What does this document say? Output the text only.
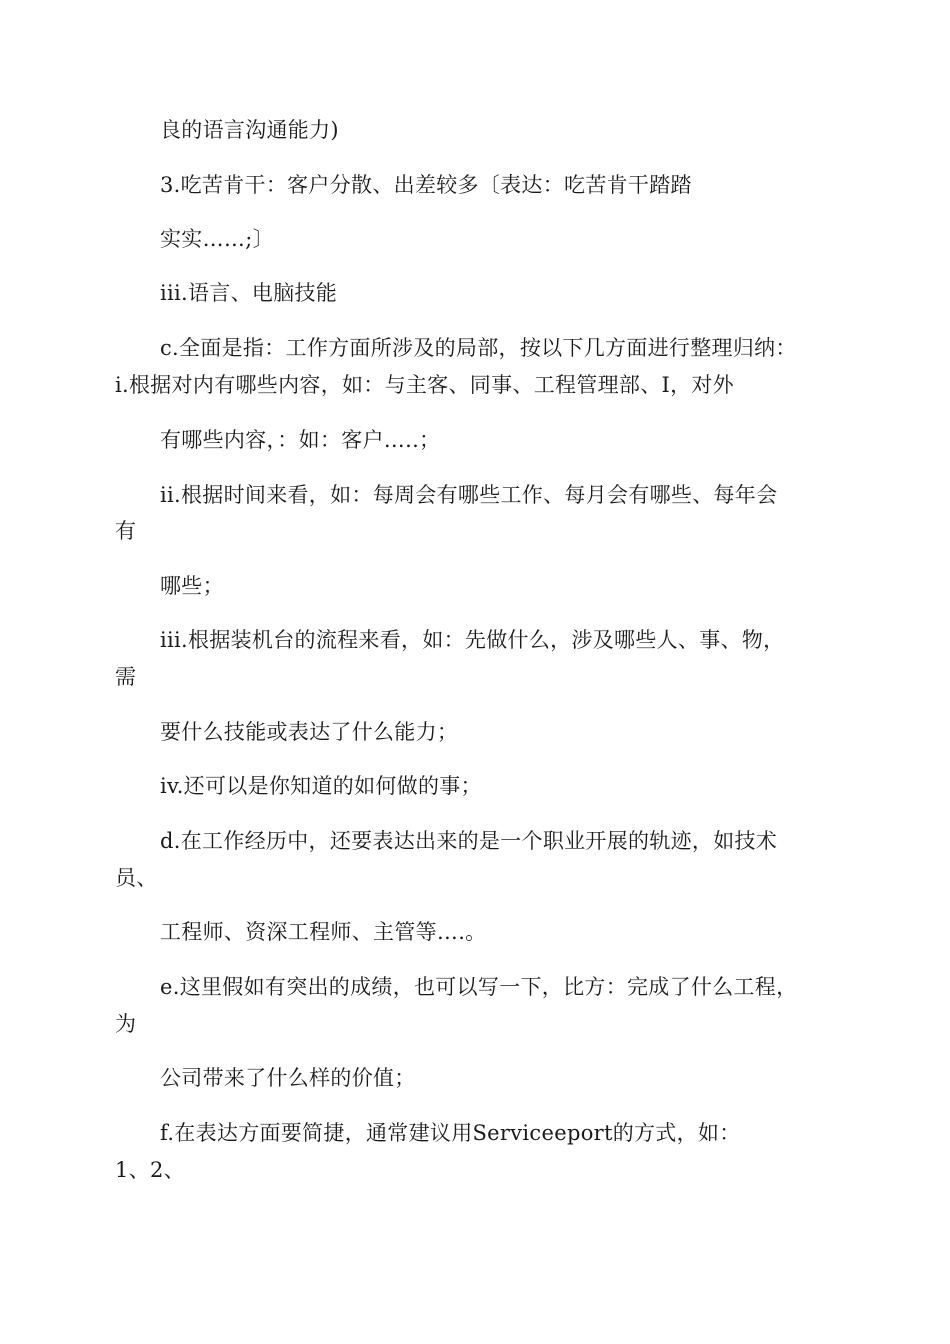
良的语言沟通能力)
3.吃苦肯干：客户分散、出差较多〔表达：吃苦肯干踏踏
实实……;〕
iii.语言、电脑技能
c.全面是指：工作方面所涉及的局部，按以下几方面进行整理归纳：
i.根据对内有哪些内容，如：与主客、同事、工程管理部、I，对外
有哪些内容，：如：客户…..；
ii.根据时间来看，如：每周会有哪些工作、每月会有哪些、每年会
有
哪些；
iii.根据装机台的流程来看，如：先做什么，涉及哪些人、事、物，
需
要什么技能或表达了什么能力；
iv.还可以是你知道的如何做的事；
d.在工作经历中，还要表达出来的是一个职业开展的轨迹，如技术
员、
工程师、资深工程师、主管等….。
e.这里假如有突出的成绩，也可以写一下，比方：完成了什么工程，
为
公司带来了什么样的价值；
f.在表达方面要简捷，通常建议用Serviceeport的方式，如：
1、2、
